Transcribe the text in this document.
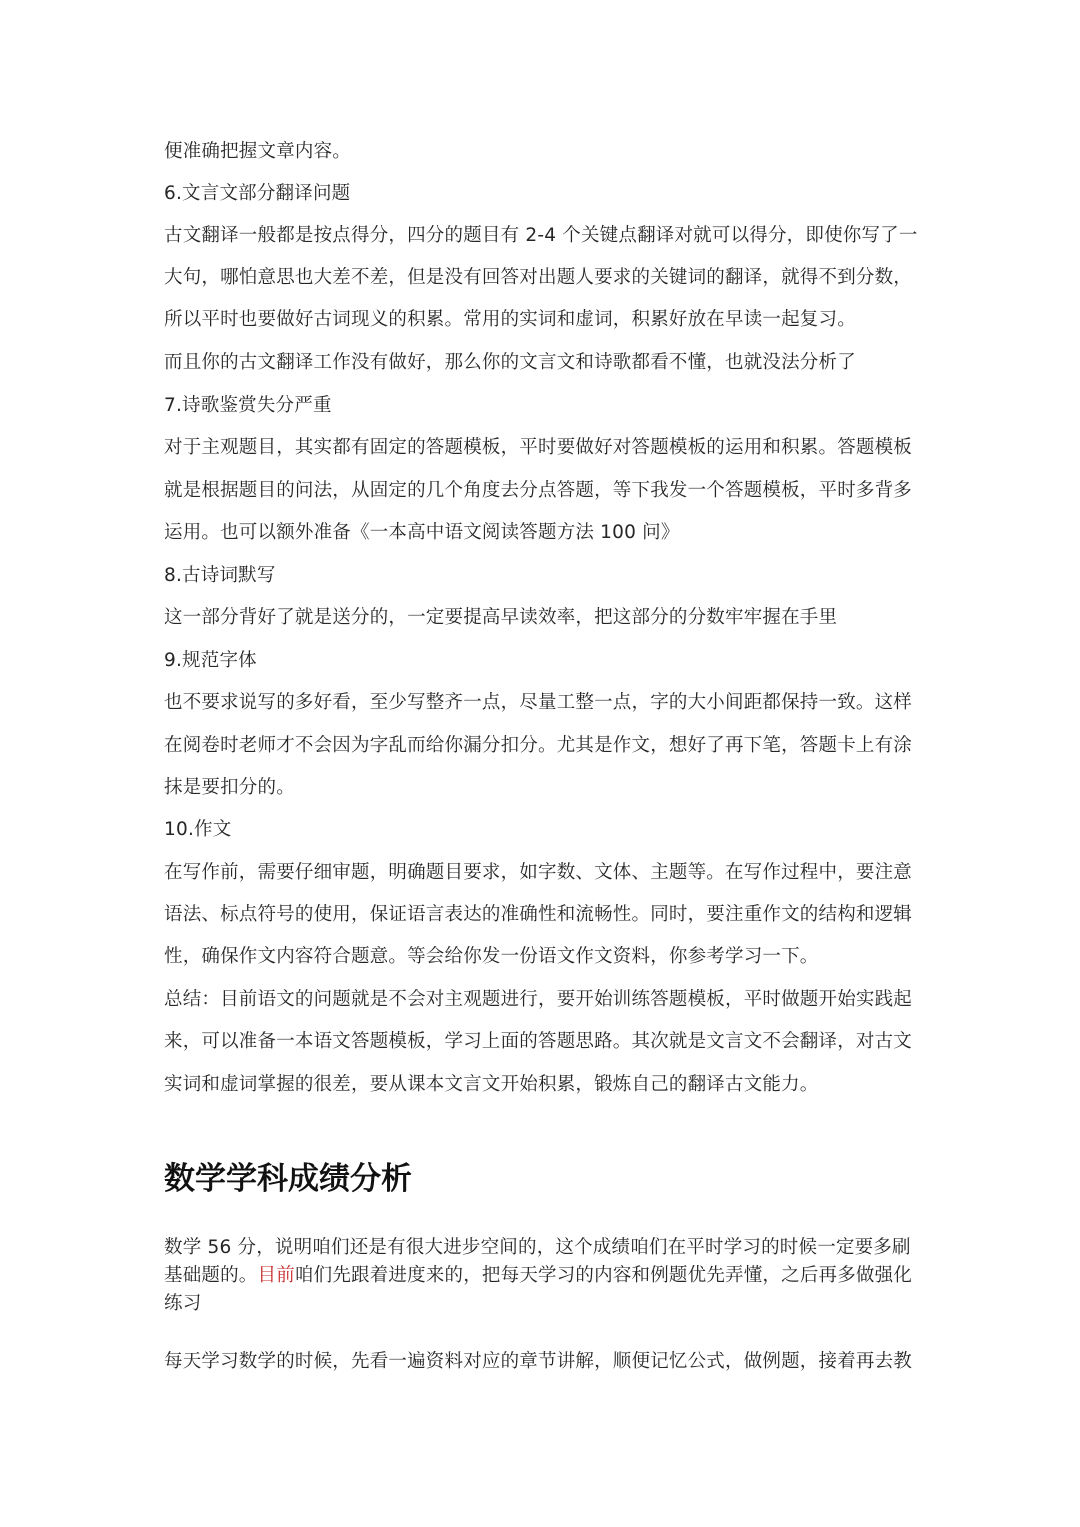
便准确把握文章内容。
6.文言文部分翻译问题
古文翻译一般都是按点得分，四分的题目有 2-4 个关键点翻译对就可以得分，即使你写了一
大句，哪怕意思也大差不差，但是没有回答对出题人要求的关键词的翻译，就得不到分数，
所以平时也要做好古词现义的积累。常用的实词和虚词，积累好放在早读一起复习。
而且你的古文翻译工作没有做好，那么你的文言文和诗歌都看不懂，也就没法分析了
7.诗歌鉴赏失分严重
对于主观题目，其实都有固定的答题模板，平时要做好对答题模板的运用和积累。答题模板
就是根据题目的问法，从固定的几个角度去分点答题，等下我发一个答题模板，平时多背多
运用。也可以额外准备《一本高中语文阅读答题方法 100 问》
8.古诗词默写
这一部分背好了就是送分的，一定要提高早读效率，把这部分的分数牢牢握在手里
9.规范字体
也不要求说写的多好看，至少写整齐一点，尽量工整一点，字的大小间距都保持一致。这样
在阅卷时老师才不会因为字乱而给你漏分扣分。尤其是作文，想好了再下笔，答题卡上有涂
抹是要扣分的。
10.作文
在写作前，需要仔细审题，明确题目要求，如字数、文体、主题等。在写作过程中，要注意
语法、标点符号的使用，保证语言表达的准确性和流畅性。同时，要注重作文的结构和逻辑
性，确保作文内容符合题意。等会给你发一份语文作文资料，你参考学习一下。
总结：目前语文的问题就是不会对主观题进行，要开始训练答题模板，平时做题开始实践起
来，可以准备一本语文答题模板，学习上面的答题思路。其次就是文言文不会翻译，对古文
实词和虚词掌握的很差，要从课本文言文开始积累，锻炼自己的翻译古文能力。
数学学科成绩分析
数学 56 分，说明咱们还是有很大进步空间的，这个成绩咱们在平时学习的时候一定要多刷
基础题的。目前咱们先跟着进度来的，把每天学习的内容和例题优先弄懂，之后再多做强化
练习
每天学习数学的时候，先看一遍资料对应的章节讲解，顺便记忆公式，做例题，接着再去教
